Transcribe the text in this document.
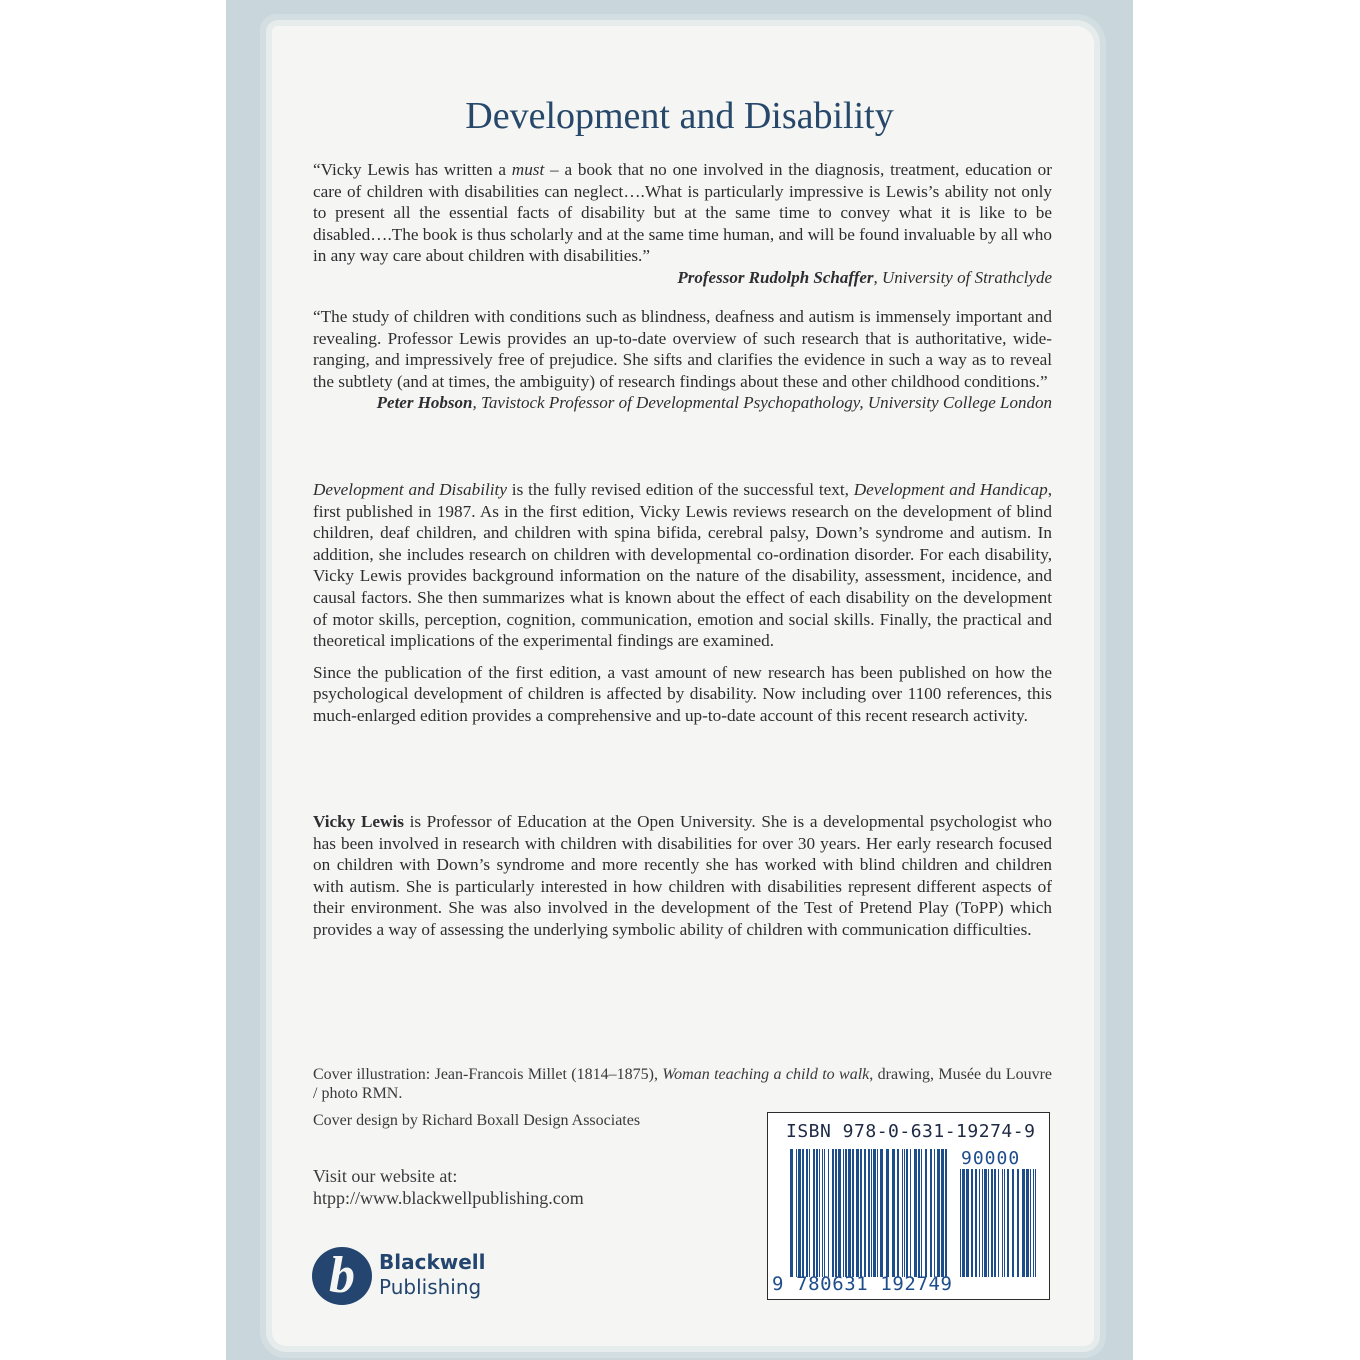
Development and Disability

“Vicky Lewis has written a must – a book that no one involved in the diagnosis, treatment, education or care of children with disabilities can neglect….What is particularly impressive is Lewis’s ability not only to present all the essential facts of disability but at the same time to convey what it is like to be disabled….The book is thus scholarly and at the same time human, and will be found invaluable by all who in any way care about children with disabilities.”

Professor Rudolph Schaffer, University of Strathclyde

“The study of children with conditions such as blindness, deafness and autism is immensely important and revealing. Professor Lewis provides an up-to-date overview of such research that is authoritative, wide-ranging, and impressively free of prejudice. She sifts and clarifies the evidence in such a way as to reveal the subtlety (and at times, the ambiguity) of research findings about these and other childhood conditions.”

Peter Hobson, Tavistock Professor of Developmental Psychopathology, University College London

Development and Disability is the fully revised edition of the successful text, Development and Handicap, first published in 1987. As in the first edition, Vicky Lewis reviews research on the development of blind children, deaf children, and children with spina bifida, cerebral palsy, Down’s syndrome and autism. In addition, she includes research on children with developmental co-ordination disorder. For each disability, Vicky Lewis provides background information on the nature of the disability, assessment, incidence, and causal factors. She then summarizes what is known about the effect of each disability on the development of motor skills, perception, cognition, communication, emotion and social skills. Finally, the practical and theoretical implications of the experimental findings are examined.

Since the publication of the first edition, a vast amount of new research has been published on how the psychological development of children is affected by disability. Now including over 1100 references, this much-enlarged edition provides a comprehensive and up-to-date account of this recent research activity.

Vicky Lewis is Professor of Education at the Open University. She is a developmental psychologist who has been involved in research with children with disabilities for over 30 years. Her early research focused on children with Down’s syndrome and more recently she has worked with blind children and children with autism. She is particularly interested in how children with disabilities represent different aspects of their environment. She was also involved in the development of the Test of Pretend Play (ToPP) which provides a way of assessing the underlying symbolic ability of children with communication difficulties.

Cover illustration: Jean-Francois Millet (1814–1875), Woman teaching a child to walk, drawing, Musée du Louvre / photo RMN.

Cover design by Richard Boxall Design Associates
Visit our website at:
htpp://www.blackwellpublishing.com
b Blackwell
Publishing
ISBN 978-0-631-19274-9
90000
9 780631 192749
